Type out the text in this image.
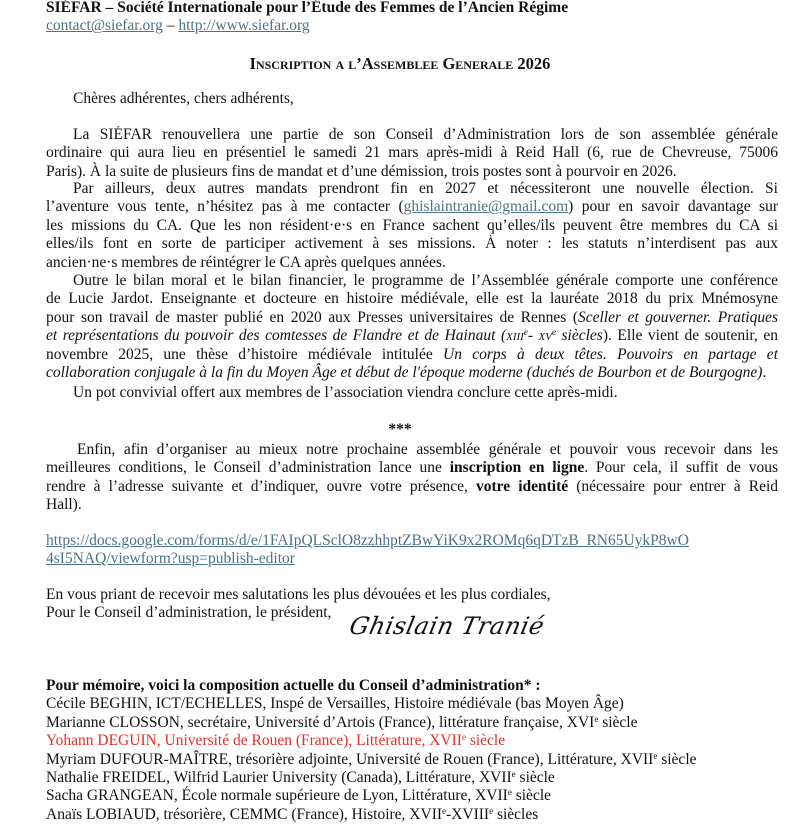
SIÉFAR – Société Internationale pour l’Étude des Femmes de l’Ancien Régime
contact@siefar.org – http://www.siefar.org
Inscription a l’Assemblee Generale 2026
Chères adhérentes, chers adhérents,
La SIÉFAR renouvellera une partie de son Conseil d’Administration lors de son assemblée générale
ordinaire qui aura lieu en présentiel le samedi 21 mars après-midi à Reid Hall (6, rue de Chevreuse, 75006
Paris). À la suite de plusieurs fins de mandat et d’une démission, trois postes sont à pourvoir en 2026.
Par ailleurs, deux autres mandats prendront fin en 2027 et nécessiteront une nouvelle élection. Si
l’aventure vous tente, n’hésitez pas à me contacter (ghislaintranie@gmail.com) pour en savoir davantage sur
les missions du CA. Que les non résident·e·s en France sachent qu’elles/ils peuvent être membres du CA si
elles/ils font en sorte de participer activement à ses missions. À noter : les statuts n’interdisent pas aux
ancien·ne·s membres de réintégrer le CA après quelques années.
Outre le bilan moral et le bilan financier, le programme de l’Assemblée générale comporte une conférence
de Lucie Jardot. Enseignante et docteure en histoire médiévale, elle est la lauréate 2018 du prix Mnémosyne
pour son travail de master publié en 2020 aux Presses universitaires de Rennes (Sceller et gouverner. Pratiques
et représentations du pouvoir des comtesses de Flandre et de Hainaut (xiii$^e$- $xv^e$ siècles). Elle vient de soutenir, en
novembre 2025, une thèse d’histoire médiévale intitulée Un corps à deux têtes. Pouvoirs en partage et
collaboration conjugale à la fin du Moyen Âge et début de l'époque moderne (duchés de Bourbon et de Bourgogne).
Un pot convivial offert aux membres de l’association viendra conclure cette après-midi.
***
Enfin, afin d’organiser au mieux notre prochaine assemblée générale et pouvoir vous recevoir dans les
meilleures conditions, le Conseil d’administration lance une inscription en ligne. Pour cela, il suffit de vous
rendre à l’adresse suivante et d’indiquer, ouvre votre présence, votre identité (nécessaire pour entrer à Reid
Hall).
https://docs.google.com/forms/d/e/1FAIpQLSclO8zzhhptZBwYiK9x2ROMq6qDTzB_RN65UykP8wO
4sI5NAQ/viewform?usp=publish-editor
En vous priant de recevoir mes salutations les plus dévouées et les plus cordiales,
Pour le Conseil d’administration, le président, Ghislain Tranié
Pour mémoire, voici la composition actuelle du Conseil d’administration* :
Cécile BEGHIN, ICT/ECHELLES, Inspé de Versailles, Histoire médiévale (bas Moyen Âge)
Marianne CLOSSON, secrétaire, Université d’Artois (France), littérature française, XVIe siècle
Yohann DEGUIN, Université de Rouen (France), Littérature, XVIIe siècle
Myriam DUFOUR-MAÎTRE, trésorière adjointe, Université de Rouen (France), Littérature, XVIIe siècle
Nathalie FREIDEL, Wilfrid Laurier University (Canada), Littérature, XVIIe siècle
Sacha GRANGEAN, École normale supérieure de Lyon, Littérature, XVIIe siècle
Anaïs LOBIAUD, trésorière, CEMMC (France), Histoire, XVIIe-XVIIIe siècles
